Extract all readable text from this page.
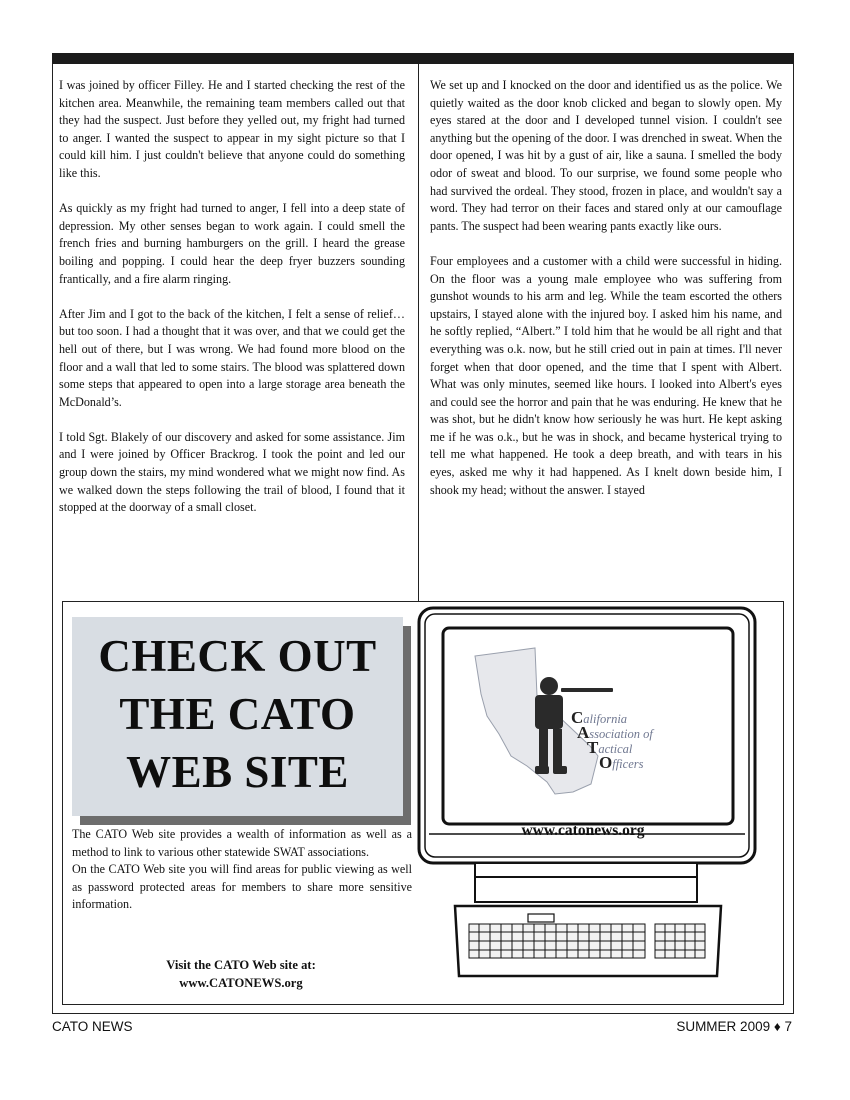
I was joined by officer Filley. He and I started checking the rest of the kitchen area. Meanwhile, the remaining team members called out that they had the suspect. Just before they yelled out, my fright had turned to anger. I wanted the suspect to appear in my sight picture so that I could kill him. I just couldn't believe that anyone could do something like this.

As quickly as my fright had turned to anger, I fell into a deep state of depression. My other senses began to work again. I could smell the french fries and burning hamburgers on the grill. I heard the grease boiling and popping. I could hear the deep fryer buzzers sounding frantically, and a fire alarm ringing.

After Jim and I got to the back of the kitchen, I felt a sense of relief… but too soon. I had a thought that it was over, and that we could get the hell out of there, but I was wrong. We had found more blood on the floor and a wall that led to some stairs. The blood was splattered down some steps that appeared to open into a large storage area beneath the McDonald’s.

I told Sgt. Blakely of our discovery and asked for some assistance. Jim and I were joined by Officer Brackrog. I took the point and led our group down the stairs, my mind wondered what we might now find. As we walked down the steps following the trail of blood, I found that it stopped at the doorway of a small closet.

We set up and I knocked on the door and identified us as the police. We quietly waited as the door knob clicked and began to slowly open. My eyes stared at the door and I developed tunnel vision. I couldn't see anything but the opening of the door. I was drenched in sweat. When the door opened, I was hit by a gust of air, like a sauna. I smelled the body odor of sweat and blood. To our surprise, we found some people who had survived the ordeal. They stood, frozen in place, and wouldn't say a word. They had terror on their faces and stared only at our camouflage pants. The suspect had been wearing pants exactly like ours.

Four employees and a customer with a child were successful in hiding. On the floor was a young male employee who was suffering from gunshot wounds to his arm and leg. While the team escorted the others upstairs, I stayed alone with the injured boy. I asked him his name, and he softly replied, “Albert.” I told him that he would be all right and that everything was o.k. now, but he still cried out in pain at times. I'll never forget when that door opened, and the time that I spent with Albert. What was only minutes, seemed like hours. I looked into Albert's eyes and could see the horror and pain that he was enduring. He knew that he was shot, but he didn't know how seriously he was hurt. He kept asking me if he was o.k., but he was in shock, and became hysterical trying to tell me what happened. He took a deep breath, and with tears in his eyes, asked me why it had happened. As I knelt down beside him, I shook my head; without the answer. I stayed

CHECK OUT
THE CATO
WEB SITE

The CATO Web site provides a wealth of information as well as a method to link to various other statewide SWAT associations.

On the CATO Web site you will find areas for public viewing as well as password protected areas for members to share more sensitive information.

Visit the CATO Web site at:
www.CATONEWS.org
California
Association of
Tactical
Officers
www.catonews.org
CATO NEWS	SUMMER 2009 ♦ 7
